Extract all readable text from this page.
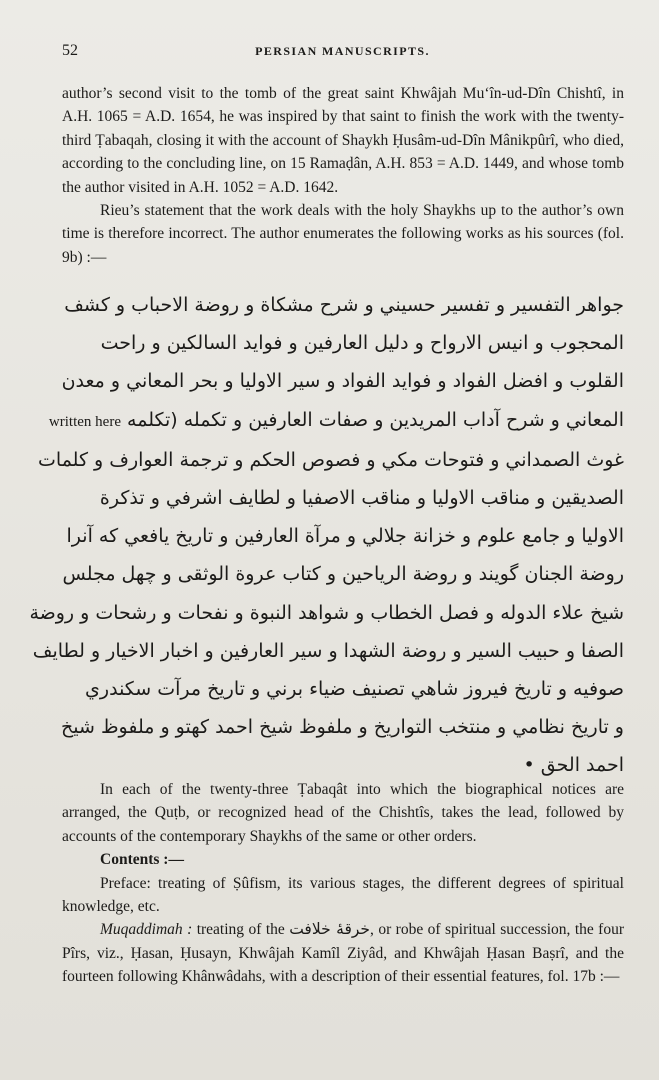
52	PERSIAN MANUSCRIPTS.

author’s second visit to the tomb of the great saint Khwâjah Mu‘în-ud-Dîn Chishtî, in A.H. 1065 = A.D. 1654, he was inspired by that saint to finish the work with the twenty-third Ṭabaqah, closing it with the account of Shaykh Ḥusâm-ud-Dîn Mânikpûrî, who died, according to the concluding line, on 15 Ramaḍân, A.H. 853 = A.D. 1449, and whose tomb the author visited in A.H. 1052 = A.D. 1642.

Rieu’s statement that the work deals with the holy Shaykhs up to the author’s own time is therefore incorrect. The author enumerates the following works as his sources (fol. 9b) :—

جواهر التفسير و تفسير حسيني و شرح مشكاة و روضة الاحباب و كشف
المحجوب و انيس الارواح و دليل العارفين و فوايد السالكين و راحت
القلوب و افضل الفواد و فوايد الفواد و سير الاوليا و بحر المعاني و معدن
المعاني و شرح آداب المريدين و صفات العارفين و تكمله (تكلمه written here
غوث الصمداني و فتوحات مكي و فصوص الحكم و ترجمة العوارف و كلمات
الصديقين و مناقب الاوليا و مناقب الاصفيا و لطايف اشرفي و تذكرة
الاوليا و جامع علوم و خزانة جلالي و مرآة العارفين و تاريخ يافعي كه آنرا
روضة الجنان گويند و روضة الرياحين و كتاب عروة الوثقى و چهل مجلس
شيخ علاء الدوله و فصل الخطاب و شواهد النبوة و نفحات و رشحات و روضة
الصفا و حبيب السير و روضة الشهدا و سير العارفين و اخبار الاخيار و لطايف
صوفيه و تاريخ فيروز شاهي تصنيف ضياء برني و تاريخ مرآت سكندري
و تاريخ نظامي و منتخب التواريخ و ملفوظ شيخ احمد كهتو و ملفوظ شيخ
احمد الحق •

In each of the twenty-three Ṭabaqât into which the biographical notices are arranged, the Quṭb, or recognized head of the Chishtîs, takes the lead, followed by accounts of the contemporary Shaykhs of the same or other orders.

Contents :—

Preface: treating of Ṣûfism, its various stages, the different degrees of spiritual knowledge, etc.

Muqaddimah : treating of the خرقهٔ خلافت, or robe of spiritual succession, the four Pîrs, viz., Ḥasan, Ḥusayn, Khwâjah Kamîl Ziyâd, and Khwâjah Ḥasan Baṣrî, and the fourteen following Khânwâdahs, with a description of their essential features, fol. 17b :—
